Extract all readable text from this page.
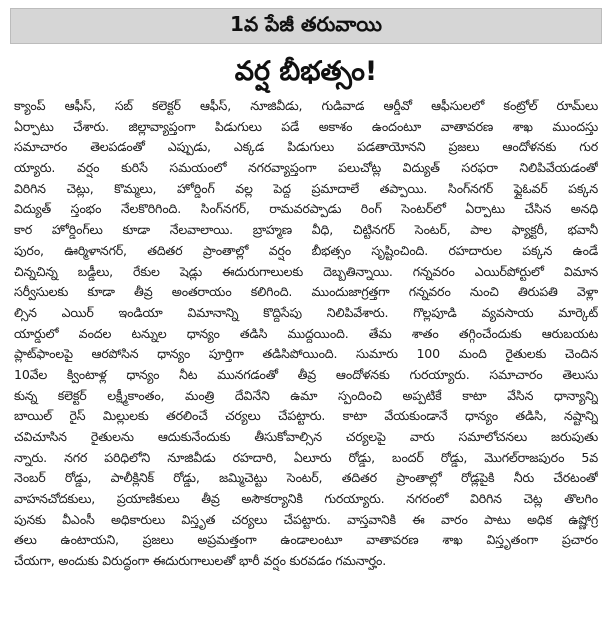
1వ పేజీ తరువాయి
వర్ష బీభత్సం!
క్యాంప్ ఆఫీస్, సబ్ కలెక్టర్ ఆఫీస్, నూజివీడు, గుడివాడ ఆర్డీవో ఆఫీసులలో కంట్రోల్ రూమ్‌లు
ఏర్పాటు చేశారు. జిల్లావ్యాప్తంగా పిడుగులు పడే అకాశం ఉందంటూ వాతావరణ శాఖ ముందస్తు
సమాచారం తెలపడంతో ఎప్పుడు, ఎక్కడ పిడుగులు పడతాయోనని ప్రజలు ఆందోళనకు గుర
య్యారు. వర్షం కురిసే సమయంలో నగరవ్యాప్తంగా పలుచోట్ల విద్యుత్ సరఫరా నిలిపివేయడంతో
విరిగిన చెట్లు, కొమ్మలు, హోర్డింగ్ వల్ల పెద్ద ప్రమాదాలే తప్పాయి. సింగ్‌నగర్ ఫ్లైఓవర్ పక్కన
విద్యుత్ స్తంభం నేలకొరిగింది. సింగ్‌నగర్, రామవరప్పాడు రింగ్ సెంటర్‌లో ఏర్పాటు చేసిన అనధి
కార హోర్డింగ్‌లు కూడా నేలవాలాయి. బ్రాహ్మణ వీధి, చిట్టినగర్ సెంటర్, పాల ఫ్యాక్టరీ, భవానీ
పురం, ఊర్మిళానగర్, తదితర ప్రాంతాల్లో వర్షం బీభత్సం సృష్టించింది. రహదారుల పక్కన ఉండే
చిన్నచిన్న బడ్డీలు, రేకుల షెడ్లు ఈదురుగాలులకు దెబ్బతిన్నాయి. గన్నవరం ఎయిర్‌పోర్టులో విమాన
సర్వీసులకు కూడా తీవ్ర అంతరాయం కలిగింది. ముందుజాగ్రత్తగా గన్నవరం నుంచి తిరుపతి వెళ్లా
ల్సిన ఎయిర్ ఇండియా విమానాన్ని కొద్దిసేపు నిలిపివేశారు. గొల్లపూడి వ్యవసాయ మార్కెట్
యార్డులో వందల టన్నుల ధాన్యం తడిసి ముద్దయింది. తేమ శాతం తగ్గించేందుకు ఆరుబయట
ప్లాట్‌ఫాంలపై ఆరపోసిన ధాన్యం పూర్తిగా తడిసిపోయింది. సుమారు 100 మంది రైతులకు చెందిన
10వేల క్వింటాళ్ల ధాన్యం నీట మునగడంతో తీవ్ర ఆందోళనకు గురయ్యారు. సమాచారం తెలుసు
కున్న కలెక్టర్ లక్ష్మీకాంతం, మంత్రి దేవినేని ఉమా స్పందించి అప్పటికే కాటా వేసిన ధాన్యాన్ని
బాయిల్ రైస్ మిల్లులకు తరలించే చర్యలు చేపట్టారు. కాటా వేయకుండానే ధాన్యం తడిసి, నష్టాన్ని
చవిచూసిన రైతులను ఆదుకునేందుకు తీసుకోవాల్సిన చర్యలపై వారు సమాలోచనలు జరుపుతు
న్నారు. నగర పరిధిలోని నూజివీడు రహదారి, ఏలూరు రోడ్డు, బందర్ రోడ్డు, మొగల్‌రాజపురం 5వ
నెంబర్ రోడ్డు, పాలీక్లినిక్ రోడ్డు, జమ్మిచెట్టు సెంటర్, తదితర ప్రాంతాల్లో రోడ్లపైకి నీరు చేరటంతో
వాహనచోదకులు, ప్రయాణికులు తీవ్ర అసౌకర్యానికి గురయ్యారు. నగరంలో విరిగిన చెట్ల తొలగిం
పునకు వీఎంసీ అధికారులు విస్తృత చర్యలు చేపట్టారు. వాస్తవానికి ఈ వారం పాటు అధిక ఉష్ణోగ్ర
తలు ఉంటాయని, ప్రజలు అప్రమత్తంగా ఉండాలంటూ వాతావరణ శాఖ విస్తృతంగా ప్రచారం
చేయగా, అందుకు విరుద్ధంగా ఈదురుగాలులతో భారీ వర్షం కురవడం గమనార్హం.
